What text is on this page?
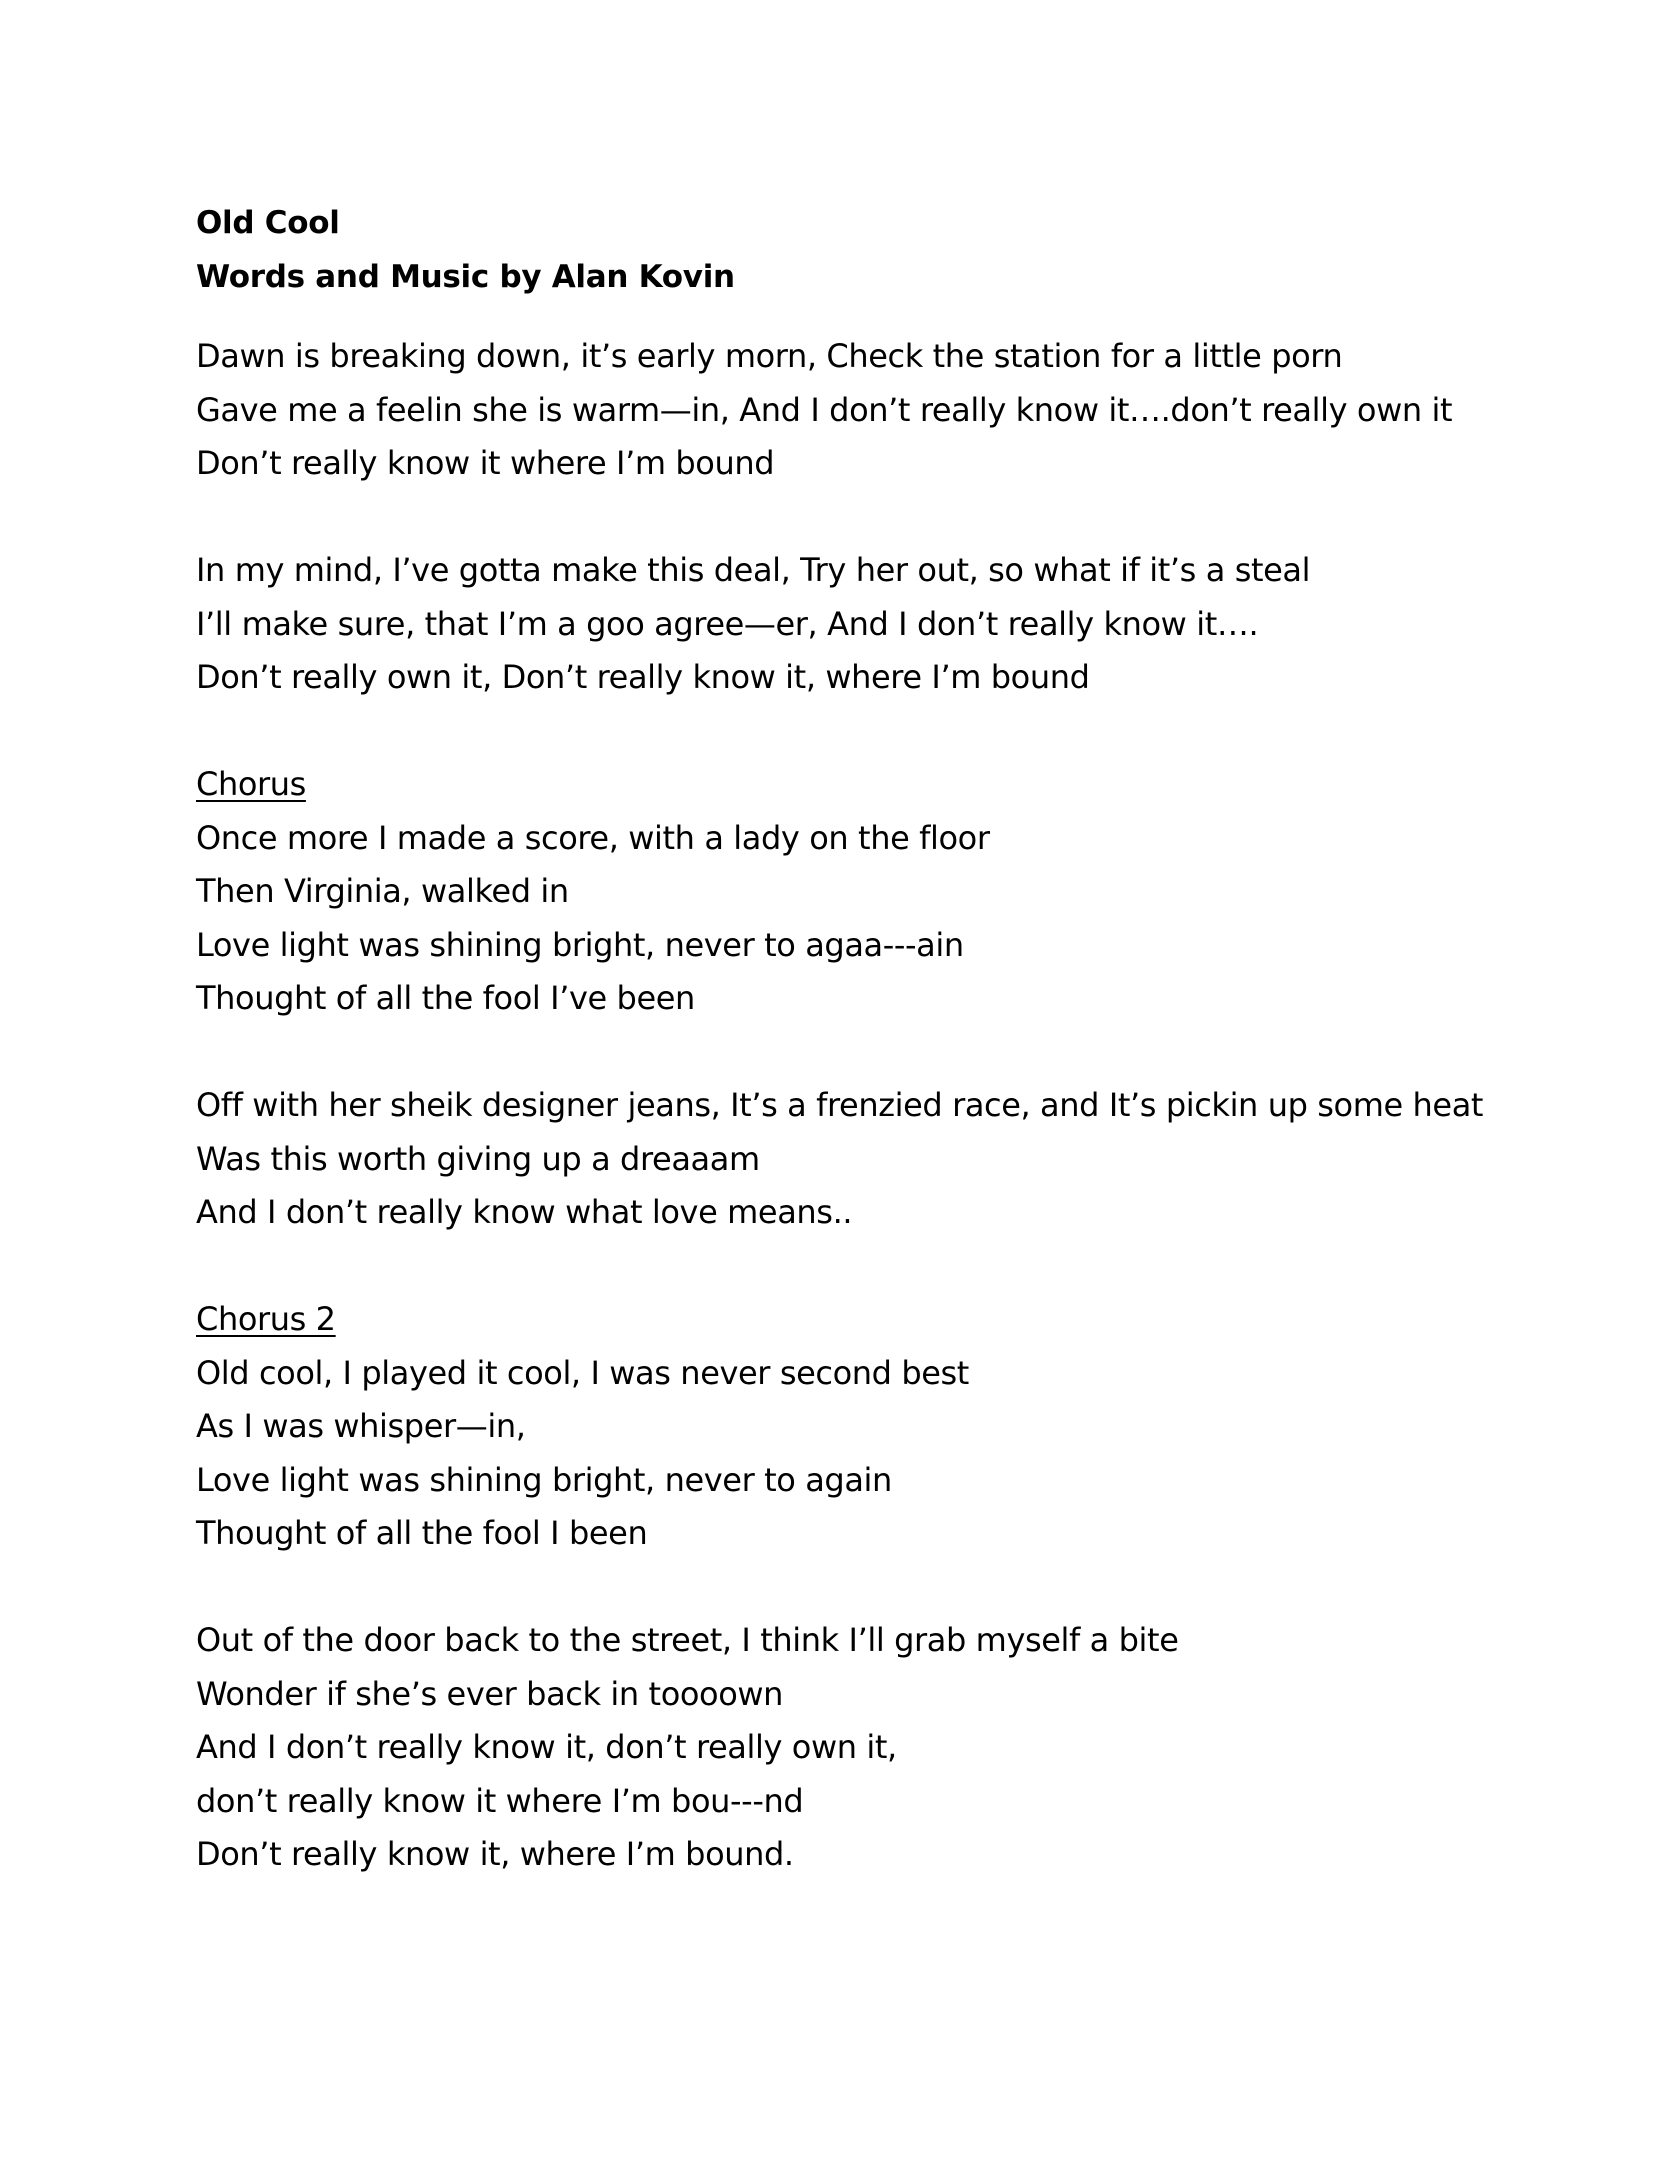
Old Cool
Words and Music by Alan Kovin
Dawn is breaking down, it’s early morn, Check the station for a little porn
Gave me a feelin she is warm—in, And I don’t really know it….don’t really own it
Don’t really know it where I’m bound
In my mind, I’ve gotta make this deal, Try her out, so what if it’s a steal
I’ll make sure, that I’m a goo agree—er, And I don’t really know it….
Don’t really own it, Don’t really know it, where I’m bound
Chorus
Once more I made a score, with a lady on the floor
Then Virginia, walked in
Love light was shining bright, never to agaa---ain
Thought of all the fool I’ve been
Off with her sheik designer jeans, It’s a frenzied race, and It’s pickin up some heat
Was this worth giving up a dreaaam
And I don’t really know what love means..
Chorus 2
Old cool, I played it cool, I was never second best
As I was whisper—in,
Love light was shining bright, never to again
Thought of all the fool I been
Out of the door back to the street, I think I’ll grab myself a bite
Wonder if she’s ever back in toooown
And I don’t really know it, don’t really own it,
don’t really know it where I’m bou---nd
Don’t really know it, where I’m bound.
